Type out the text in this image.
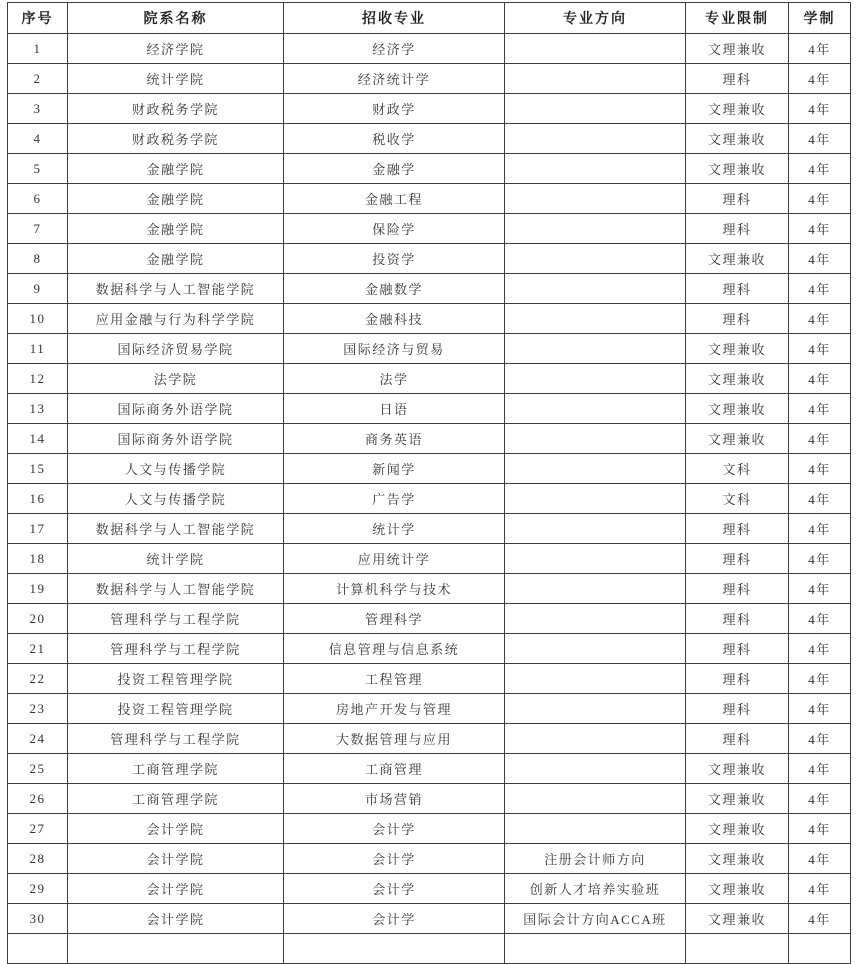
序号	院系名称	招收专业	专业方向	专业限制	学制
1	经济学院	经济学		文理兼收	4年
2	统计学院	经济统计学		理科	4年
3	财政税务学院	财政学		文理兼收	4年
4	财政税务学院	税收学		文理兼收	4年
5	金融学院	金融学		文理兼收	4年
6	金融学院	金融工程		理科	4年
7	金融学院	保险学		理科	4年
8	金融学院	投资学		文理兼收	4年
9	数据科学与人工智能学院	金融数学		理科	4年
10	应用金融与行为科学学院	金融科技		理科	4年
11	国际经济贸易学院	国际经济与贸易		文理兼收	4年
12	法学院	法学		文理兼收	4年
13	国际商务外语学院	日语		文理兼收	4年
14	国际商务外语学院	商务英语		文理兼收	4年
15	人文与传播学院	新闻学		文科	4年
16	人文与传播学院	广告学		文科	4年
17	数据科学与人工智能学院	统计学		理科	4年
18	统计学院	应用统计学		理科	4年
19	数据科学与人工智能学院	计算机科学与技术		理科	4年
20	管理科学与工程学院	管理科学		理科	4年
21	管理科学与工程学院	信息管理与信息系统		理科	4年
22	投资工程管理学院	工程管理		理科	4年
23	投资工程管理学院	房地产开发与管理		理科	4年
24	管理科学与工程学院	大数据管理与应用		理科	4年
25	工商管理学院	工商管理		文理兼收	4年
26	工商管理学院	市场营销		文理兼收	4年
27	会计学院	会计学		文理兼收	4年
28	会计学院	会计学	注册会计师方向	文理兼收	4年
29	会计学院	会计学	创新人才培养实验班	文理兼收	4年
30	会计学院	会计学	国际会计方向ACCA班	文理兼收	4年
